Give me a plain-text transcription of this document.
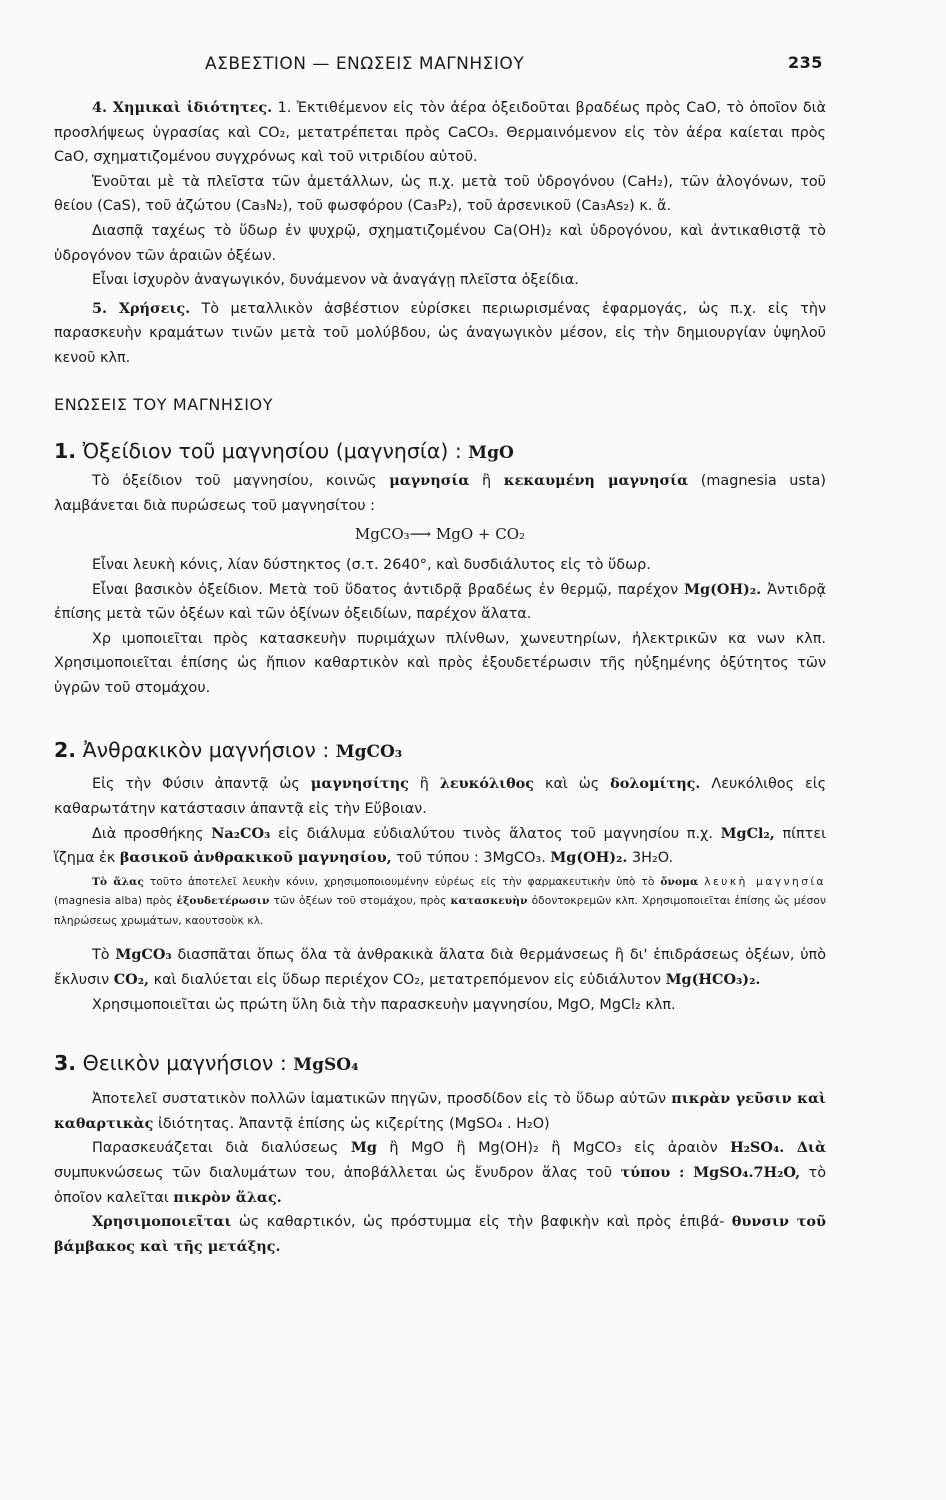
ΑΣΒΕΣΤΙΟΝ — ΕΝΩΣΕΙΣ ΜΑΓΝΗΣΙΟΥ	235

4. Χημικαὶ ἰδιότητες. 1. Ἐκτιθέμενον εἰς τὸν ἀέρα ὀξειδοῦται βραδέως πρὸς CaO, τὸ ὁποῖον διὰ προσλήψεως ὑγρασίας καὶ CO₂, μετατρέπεται πρὸς CaCO₃. Θερμαινόμενον εἰς τὸν ἀέρα καίεται πρὸς CaO, σχηματιζομένου συγχρόνως καὶ τοῦ νιτριδίου αὐτοῦ.

Ἑνοῦται μὲ τὰ πλεῖστα τῶν ἀμετάλλων, ὡς π.χ. μετὰ τοῦ ὑδρογόνου (CaH₂), τῶν ἀλογόνων, τοῦ θείου (CaS), τοῦ ἀζώτου (Ca₃N₂), τοῦ φωσφόρου (Ca₃P₂), τοῦ ἀρσενικοῦ (Ca₃As₂) κ. ἄ.

Διασπᾷ ταχέως τὸ ὕδωρ ἐν ψυχρῷ, σχηματιζομένου Ca(OH)₂ καὶ ὑδρογόνου, καὶ ἀντικαθιστᾷ τὸ ὑδρογόνον τῶν ἀραιῶν ὀξέων.

Εἶναι ἰσχυρὸν ἀναγωγικόν, δυνάμενον νὰ ἀναγάγῃ πλεῖστα ὀξείδια.

5. Χρήσεις. Τὸ μεταλλικὸν ἀσβέστιον εὑρίσκει περιωρισμένας ἐφαρμογάς, ὡς π.χ. εἰς τὴν παρασκευὴν κραμάτων τινῶν μετὰ τοῦ μολύβδου, ὡς ἀναγωγικὸν μέσον, εἰς τὴν δημιουργίαν ὑψηλοῦ κενοῦ κλπ.

ΕΝΩΣΕΙΣ ΤΟΥ ΜΑΓΝΗΣΙΟΥ

1. Ὀξείδιον τοῦ μαγνησίου (μαγνησία) : MgO

Τὸ ὀξείδιον τοῦ μαγνησίου, κοινῶς μαγνησία ἢ κεκαυμένη μαγνησία (magnesia usta) λαμβάνεται διὰ πυρώσεως τοῦ μαγνησίτου :

MgCO₃⟶ MgO + CO₂

Εἶναι λευκὴ κόνις, λίαν δύστηκτος (σ.τ. 2640°, καὶ δυσδιάλυτος εἰς τὸ ὕδωρ.

Εἶναι βασικὸν ὀξείδιον. Μετὰ τοῦ ὕδατος ἀντιδρᾷ βραδέως ἐν θερμῷ, παρέχον Mg(OH)₂. Ἀντιδρᾷ ἐπίσης μετὰ τῶν ὀξέων καὶ τῶν ὀξίνων ὀξειδίων, παρέχον ἅλατα.

Χρ ιμοποιεῖται πρὸς κατασκευὴν πυριμάχων πλίνθων, χωνευτηρίων, ἠλεκτρικῶν κα νων κλπ. Χρησιμοποιεῖται ἐπίσης ὡς ἤπιον καθαρτικὸν καὶ πρὸς ἐξουδετέρωσιν τῆς ηὐξημένης ὀξύτητος τῶν ὑγρῶν τοῦ στομάχου.

2. Ἀνθρακικὸν μαγνήσιον : MgCO₃

Εἰς τὴν Φύσιν ἀπαντᾷ ὡς μαγνησίτης ἢ λευκόλιθος καὶ ὡς δολομίτης. Λευκόλιθος εἰς καθαρωτάτην κατάστασιν ἀπαντᾷ εἰς τὴν Εὔβοιαν.

Διὰ προσθήκης Na₂CO₃ εἰς διάλυμα εὐδιαλύτου τινὸς ἅλατος τοῦ μαγνησίου π.χ. MgCl₂, πίπτει ἵζημα ἐκ βασικοῦ ἀνθρακικοῦ μαγνησίου, τοῦ τύπου : 3MgCO₃. Mg(OH)₂. 3H₂O.

Τὸ ἅλας τοῦτο ἀποτελεῖ λευκὴν κόνιν, χρησιμοποιουμένην εὐρέως εἰς τὴν φαρμακευτικὴν ὑπὸ τὸ ὄνομα λευκὴ μαγνησία (magnesia alba) πρὸς ἐξουδετέρωσιν τῶν ὀξέων τοῦ στομάχου, πρὸς κατασκευὴν ὀδοντοκρεμῶν κλπ. Χρησιμοποιεῖται ἐπίσης ὡς μέσον πληρώσεως χρωμάτων, καουτσοὺκ κλ.

Τὸ MgCO₃ διασπᾶται ὅπως ὅλα τὰ ἀνθρακικὰ ἅλατα διὰ θερμάνσεως ἢ δι' ἐπιδράσεως ὀξέων, ὑπὸ ἔκλυσιν CO₂, καὶ διαλύεται εἰς ὕδωρ περιέχον CO₂, μετατρεπόμενον εἰς εὐδιάλυτον Mg(HCO₃)₂.

Χρησιμοποιεῖται ὡς πρώτη ὕλη διὰ τὴν παρασκευὴν μαγνησίου, MgO, MgCl₂ κλπ.

3. Θειικὸν μαγνήσιον : MgSO₄

Ἀποτελεῖ συστατικὸν πολλῶν ἰαματικῶν πηγῶν, προσδίδον εἰς τὸ ὕδωρ αὐτῶν πικρὰν γεῦσιν καὶ καθαρτικὰς ἰδιότητας. Ἀπαντᾷ ἐπίσης ὡς κιζερίτης (MgSO₄ . H₂O)

Παρασκευάζεται διὰ διαλύσεως Mg ἢ MgO ἢ Mg(OH)₂ ἢ MgCO₃ εἰς ἀραιὸν H₂SO₄. Διὰ συμπυκνώσεως τῶν διαλυμάτων του, ἀποβάλλεται ὡς ἔνυδρον ἅλας τοῦ τύπου : MgSO₄.7H₂O, τὸ ὁποῖον καλεῖται πικρὸν ἅλας.

Χρησιμοποιεῖται ὡς καθαρτικόν, ὡς πρόστυμμα εἰς τὴν βαφικὴν καὶ πρὸς ἐπιβά- θυνσιν τοῦ βάμβακος καὶ τῆς μετάξης.
